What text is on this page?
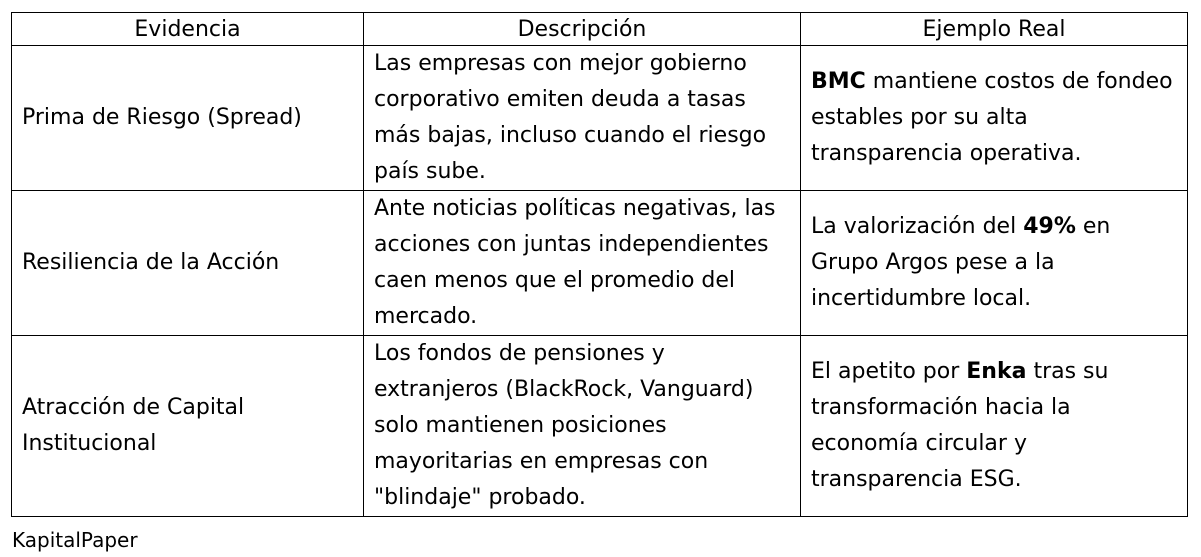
Evidencia	Descripción	Ejemplo Real
Prima de Riesgo (Spread)	Las empresas con mejor gobierno corporativo emiten deuda a tasas más bajas, incluso cuando el riesgo país sube.	BMC mantiene costos de fondeo estables por su alta transparencia operativa.
Resiliencia de la Acción	Ante noticias políticas negativas, las acciones con juntas independientes caen menos que el promedio del mercado.	La valorización del 49% en Grupo Argos pese a la incertidumbre local.
Atracción de Capital Institucional	Los fondos de pensiones y extranjeros (BlackRock, Vanguard) solo mantienen posiciones mayoritarias en empresas con "blindaje" probado.	El apetito por Enka tras su transformación hacia la economía circular y transparencia ESG.
KapitalPaper
